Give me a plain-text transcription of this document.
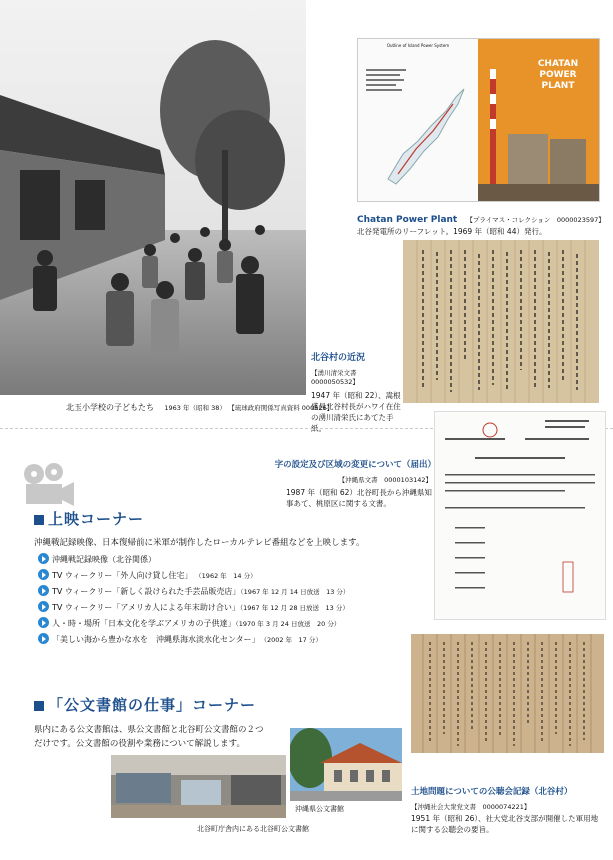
北玉小学校の子どもたち 1963 年（昭和 38） 【琉球政府関係写真資料 000526】
Outline of Island Power System
CHATAN POWER PLANT
Chatan Power Plant 【プライマス・コレクション　0000023597】
北谷発電所のリーフレット。1969 年（昭和 44）発行。
北谷村の近況
【湧川清栄文書　0000050532】
1947 年（昭和 22）、嵩根盛昌北谷村長がハワイ在住の湧川清栄氏にあてた手紙。
字の設定及び区域の変更について（届出）
【沖縄県文書　0000103142】
1987 年（昭和 62）北谷町長から沖縄県知事あて、桃原区に関する文書。
上映コーナー
沖縄戦記録映像、日本復帰前に米軍が制作したローカルテレビ番組などを上映します。
沖縄戦記録映像（北谷関係）
TV ウィークリー「外人向け貸し住宅」 （1962 年　14 分）
TV ウィークリー「新しく設けられた手芸品販売店」（1967 年 12 月 14 日放送　13 分）
TV ウィークリー「アメリカ人による年末助け合い」（1967 年 12 月 28 日放送　13 分）
人・時・場所「日本文化を学ぶアメリカの子供達」（1970 年 3 月 24 日放送　20 分）
「美しい海から豊かな水を　沖縄県海水淡水化センター」 （2002 年　17 分）
「公文書館の仕事」コーナー
県内にある公文書館は、県公文書館と北谷町公文書館の２つ
だけです。公文書館の役割や業務について解説します。
沖縄県公文書館
北谷町庁舎内にある北谷町公文書館
土地問題についての公聴会記録（北谷村）
【沖縄社会大衆党文書　0000074221】
1951 年（昭和 26）、社大党北谷支部が開催した軍用地に関する公聴会の要旨。
